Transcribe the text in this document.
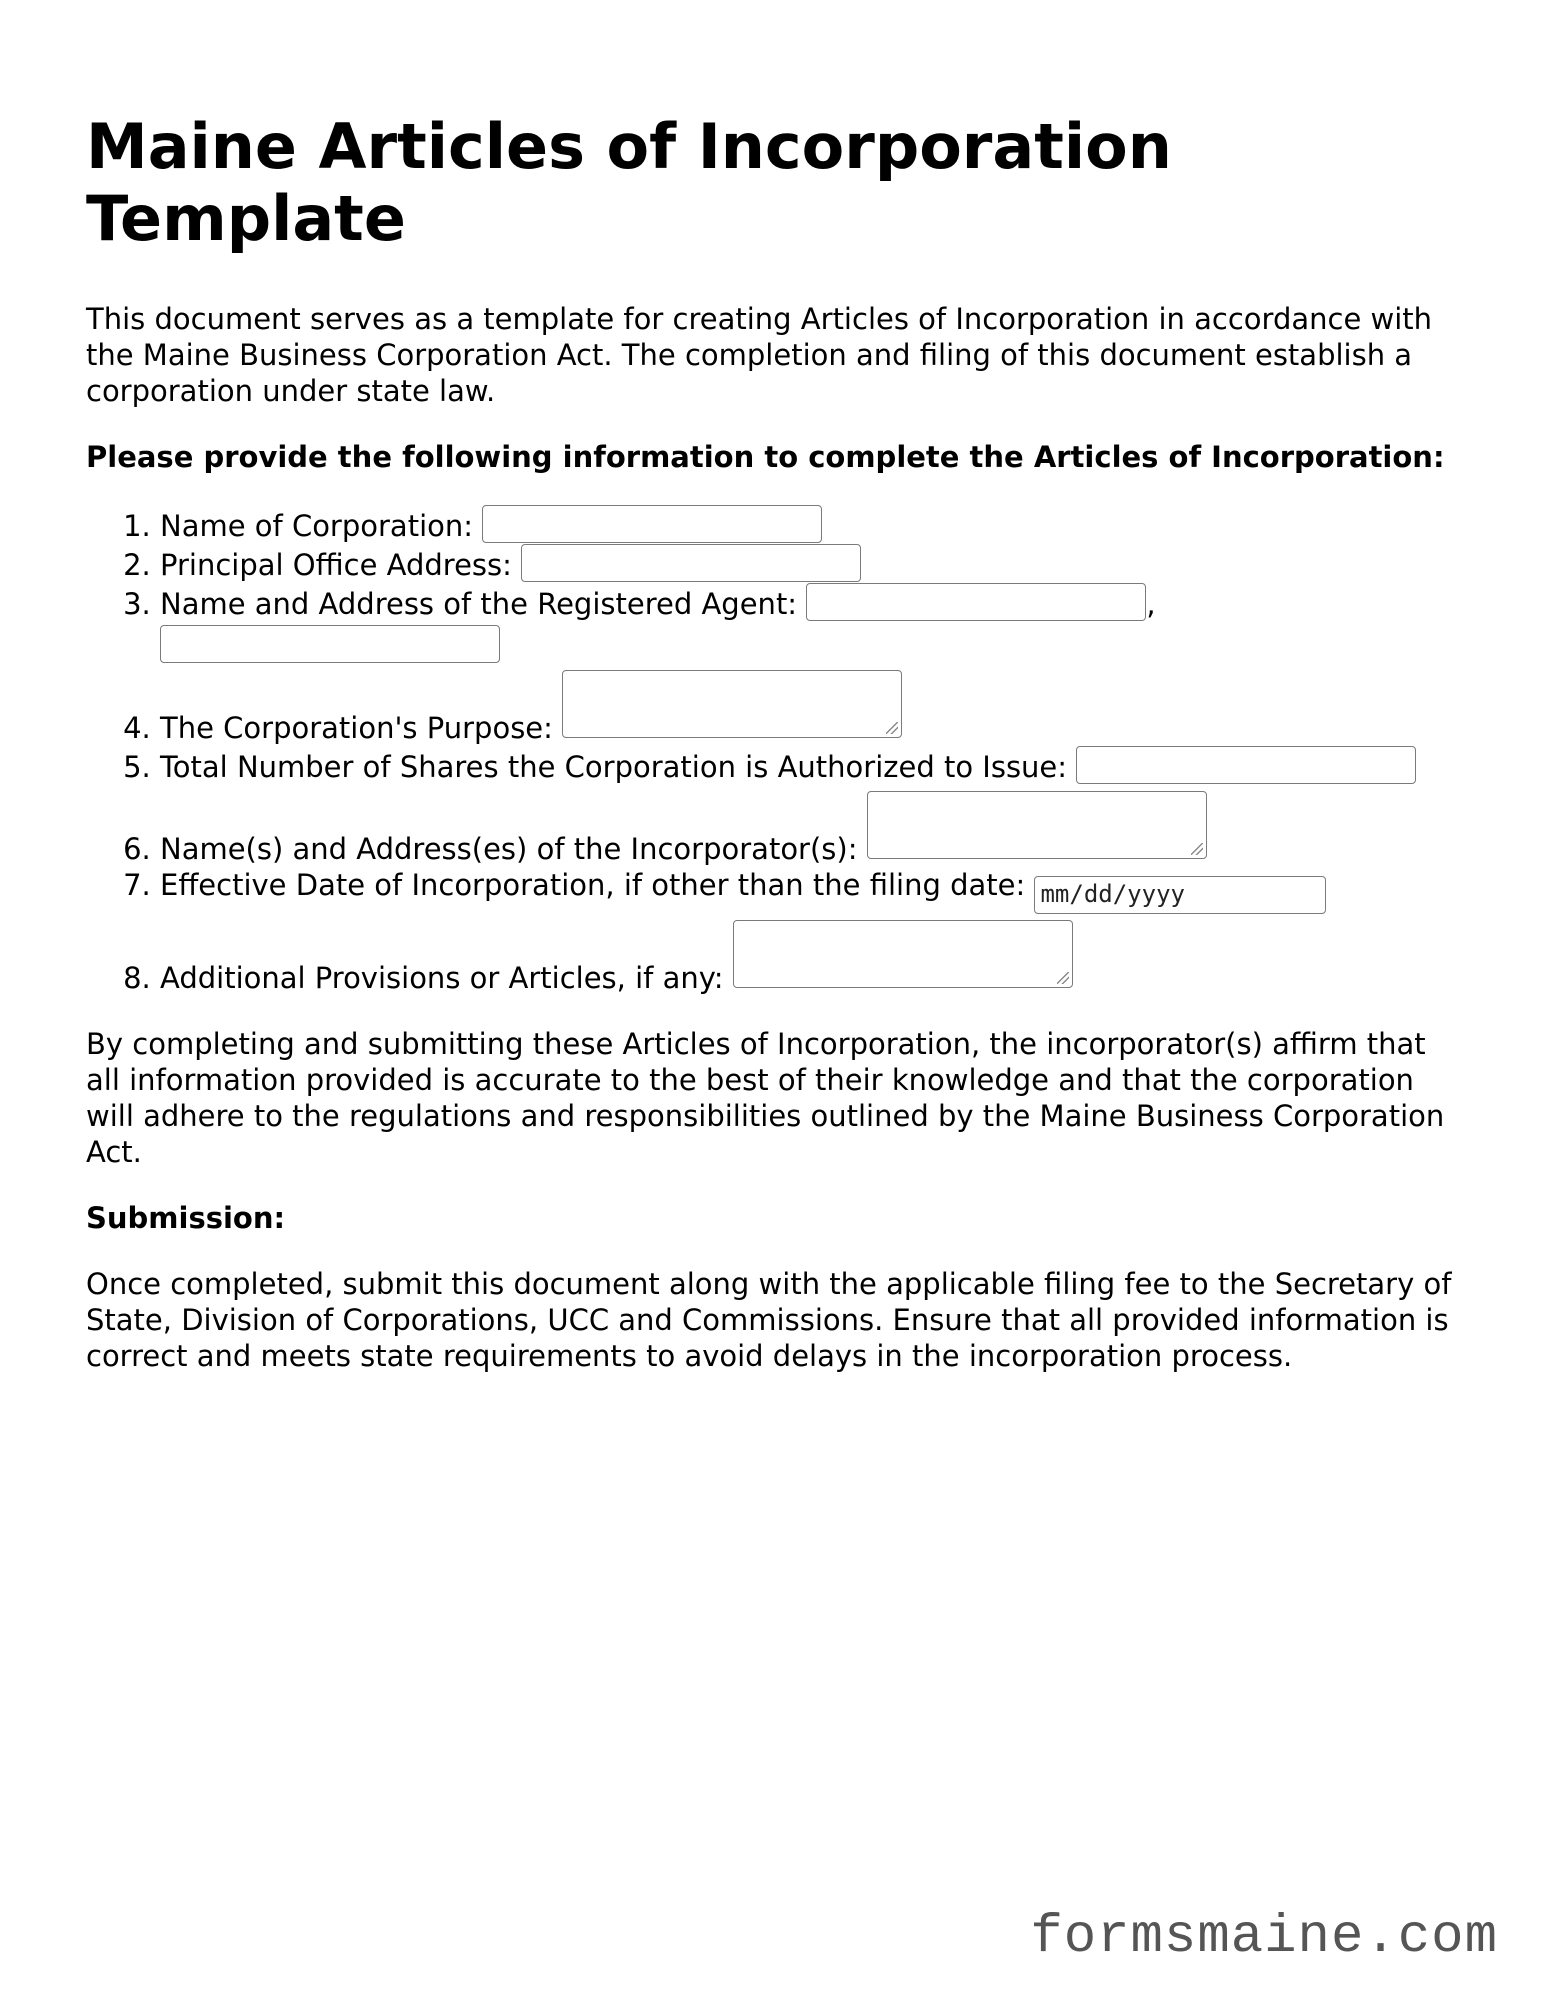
Maine Articles of Incorporation Template

This document serves as a template for creating Articles of Incorporation in accordance with the Maine Business Corporation Act. The completion and filing of this document establish a corporation under state law.

Please provide the following information to complete the Articles of Incorporation:

1. Name of Corporation:
2. Principal Office Address:
3. Name and Address of the Registered Agent:	,
4. The Corporation's Purpose:
5. Total Number of Shares the Corporation is Authorized to Issue:
6. Name(s) and Address(es) of the Incorporator(s):
7. Effective Date of Incorporation, if other than the filing date: mm/dd/yyyy
8. Additional Provisions or Articles, if any:

By completing and submitting these Articles of Incorporation, the incorporator(s) affirm that all information provided is accurate to the best of their knowledge and that the corporation will adhere to the regulations and responsibilities outlined by the Maine Business Corporation Act.

Submission:

Once completed, submit this document along with the applicable filing fee to the Secretary of State, Division of Corporations, UCC and Commissions. Ensure that all provided information is correct and meets state requirements to avoid delays in the incorporation process.

formsmaine.com
